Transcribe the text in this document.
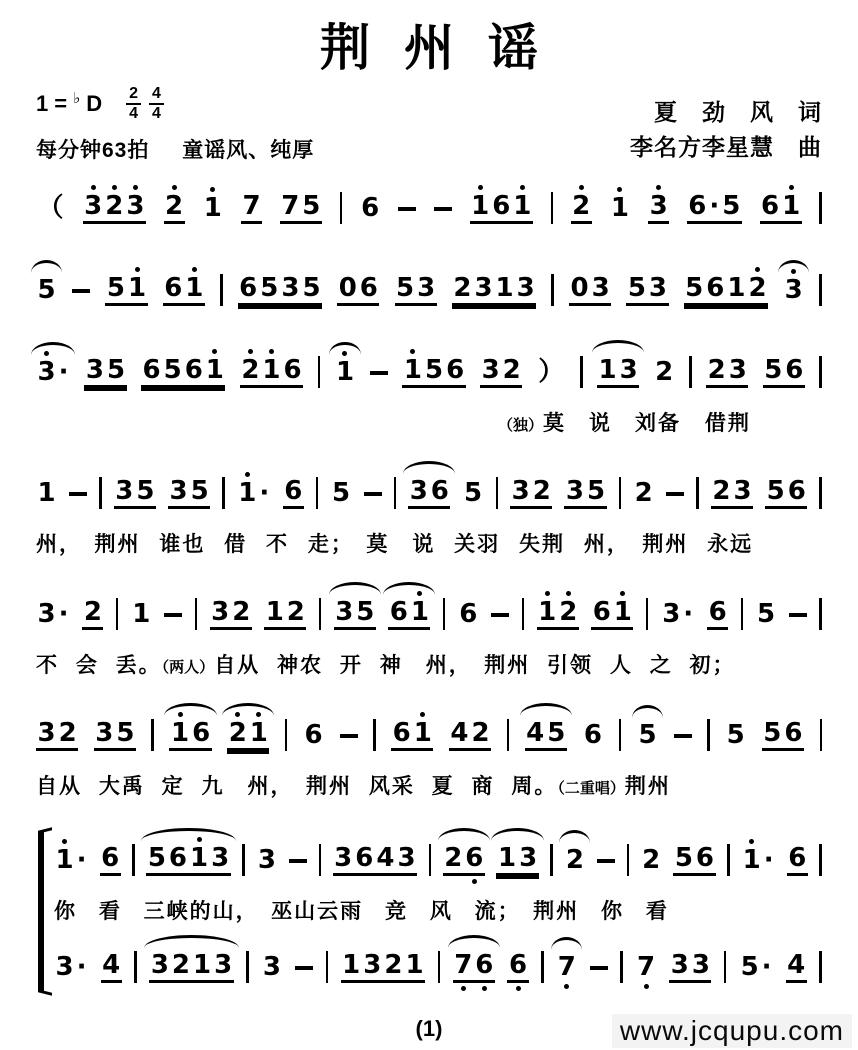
荆州谣
1 = ♭ D $\frac{2}{4} \frac{4}{4}$
每分钟63拍 童谣风、纯厚
夏　劲　风　词
李名方李星慧　曲
（ 3 2 3 2 1 7 7 5 6	1 6 1 2 1 3 6 · 5 6 1
5 5 1 6 1 6 5 3 5 0 6 5 3 2 3 1 3 0 3 5 3 5 6 1 2 3
3 · 3 5 6 5 6 1 2 1 6 1 1 5 6 3 2 ） 1 3 2 2 3 5 6
（独）莫　说　刘备 借荆
1 3 5 3 5 1 · 6 5 3 6 5 3 2 3 5 2 2 3 5 6
州，　荆州 谁也 借 不 走；　莫　说 关羽 失荆 州，　荆州 永远
3 · 2 1 3 2 1 2 3 5 6 1 6 1 2 6 1 3 · 6 5
不 会 丢。（两人）自从 神农 开 神　州，　荆州 引领 人 之 初；
3 2 3 5 1 6 2 1 6	6 1 4 2 4 5 6 5	5 5 6
自从 大禹 定 九　州，　荆州 风采 夏 商 周。（二重唱）荆州
1 · 6 5 6 1 3 3 3 6 4 3 2 6 1 3 2 2 5 6 1 · 6
你 看 三峡的山，　巫山云雨 竞 风 流；　荆州 你 看
3 · 4 3 2 1 3 3 1 3 2 1 7 6 6 7 7 3 3 5 · 4
(1)	www.jcqupu.com
